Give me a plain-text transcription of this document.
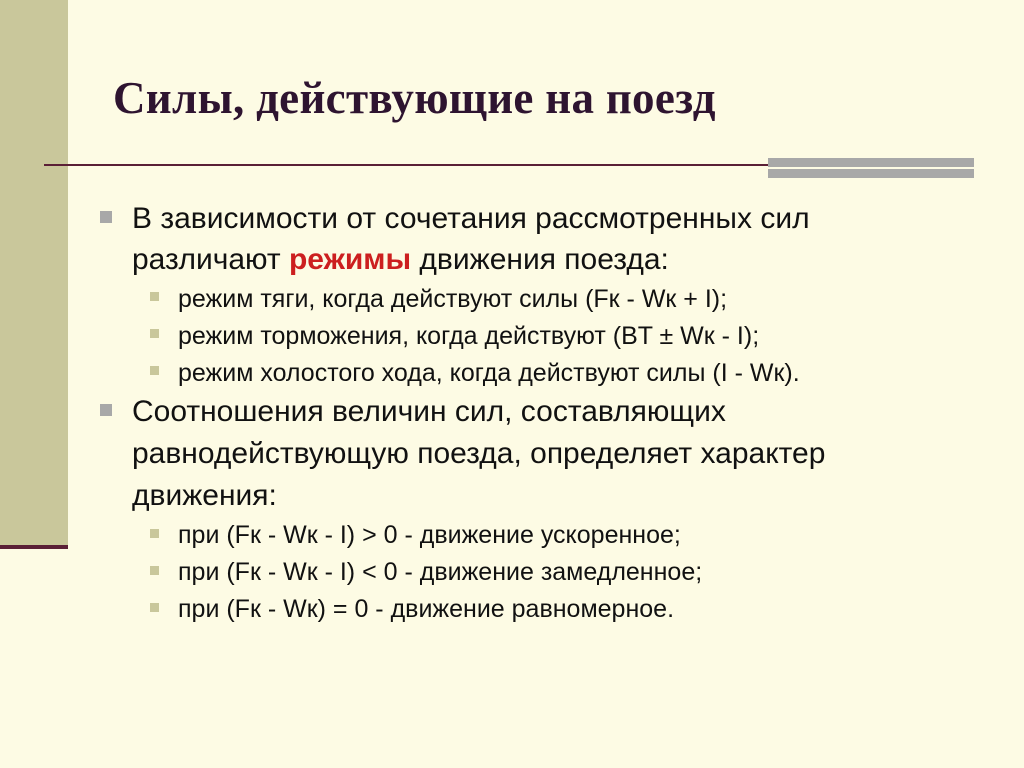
Силы, действующие на поезд
В зависимости от сочетания рассмотренных сил
различают режимы движения поезда:
режим тяги, когда действуют силы (Fк - Wк + I);
режим торможения, когда действуют (BT ± Wк - I);
режим холостого хода, когда действуют силы (I - Wк).
Соотношения величин сил, составляющих
равнодействующую поезда, определяет характер
движения:
при (Fк - Wк - I) > 0 - движение ускоренное;
при (Fк - Wк - I) < 0 - движение замедленное;
при (Fк - Wк) = 0 - движение равномерное.
